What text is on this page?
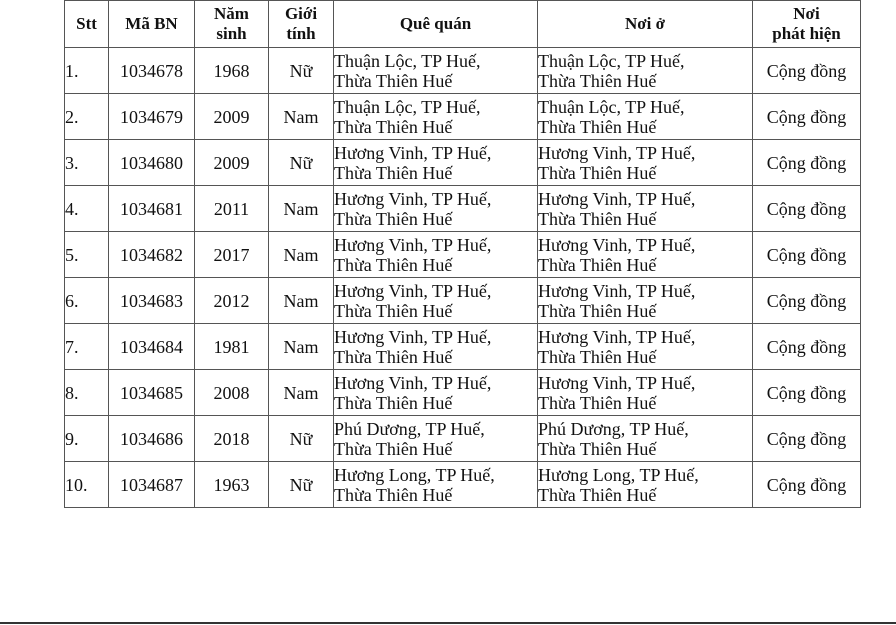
Stt	Mã BN	Năm
sinh	Giới
tính	Quê quán	Nơi ở	Nơi
phát hiện

1.	1034678	1968	Nữ	Thuận Lộc, TP Huế,
Thừa Thiên Huế	Thuận Lộc, TP Huế,
Thừa Thiên Huế	Cộng đồng
2.	1034679	2009	Nam	Thuận Lộc, TP Huế,
Thừa Thiên Huế	Thuận Lộc, TP Huế,
Thừa Thiên Huế	Cộng đồng
3.	1034680	2009	Nữ	Hương Vinh, TP Huế,
Thừa Thiên Huế	Hương Vinh, TP Huế,
Thừa Thiên Huế	Cộng đồng
4.	1034681	2011	Nam	Hương Vinh, TP Huế,
Thừa Thiên Huế	Hương Vinh, TP Huế,
Thừa Thiên Huế	Cộng đồng
5.	1034682	2017	Nam	Hương Vinh, TP Huế,
Thừa Thiên Huế	Hương Vinh, TP Huế,
Thừa Thiên Huế	Cộng đồng
6.	1034683	2012	Nam	Hương Vinh, TP Huế,
Thừa Thiên Huế	Hương Vinh, TP Huế,
Thừa Thiên Huế	Cộng đồng
7.	1034684	1981	Nam	Hương Vinh, TP Huế,
Thừa Thiên Huế	Hương Vinh, TP Huế,
Thừa Thiên Huế	Cộng đồng
8.	1034685	2008	Nam	Hương Vinh, TP Huế,
Thừa Thiên Huế	Hương Vinh, TP Huế,
Thừa Thiên Huế	Cộng đồng
9.	1034686	2018	Nữ	Phú Dương, TP Huế,
Thừa Thiên Huế	Phú Dương, TP Huế,
Thừa Thiên Huế	Cộng đồng
10.	1034687	1963	Nữ	Hương Long, TP Huế,
Thừa Thiên Huế	Hương Long, TP Huế,
Thừa Thiên Huế	Cộng đồng
